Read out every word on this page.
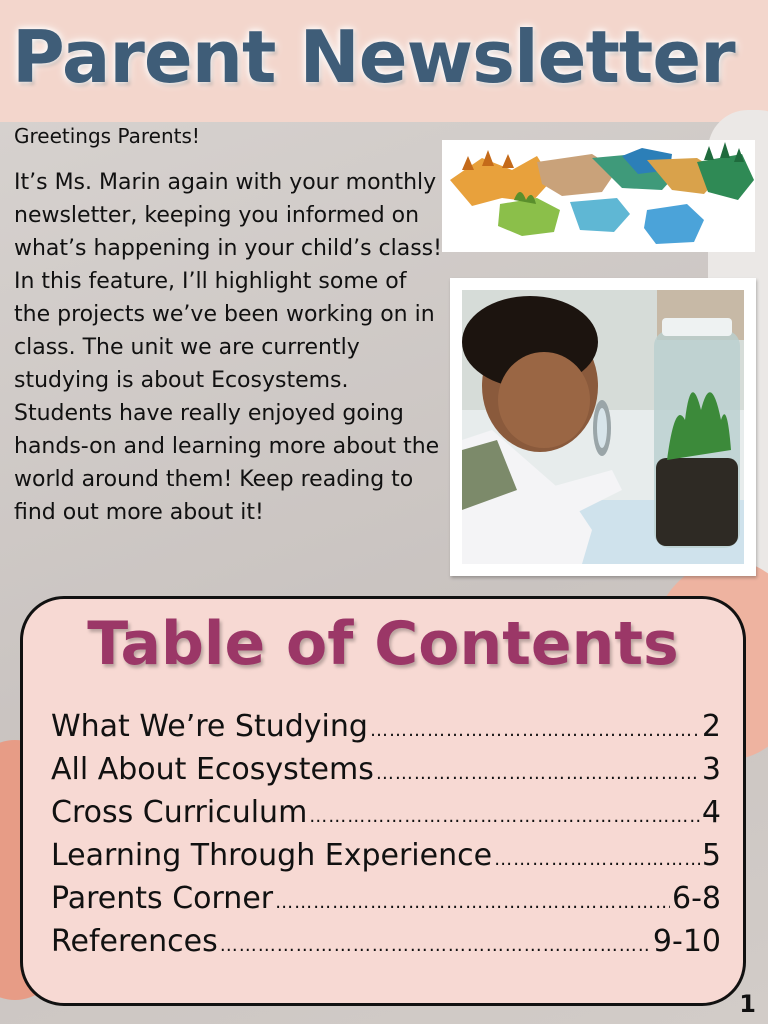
Parent Newsletter
Greetings Parents!

It’s Ms. Marin again with your monthly newsletter, keeping you informed on what’s happening in your child’s class! In this feature, I’ll highlight some of the projects we’ve been working on in class. The unit we are currently studying is about Ecosystems. Students have really enjoyed going hands-on and learning more about the world around them! Keep reading to find out more about it!

Table of Contents
What We’re Studying ……………………………………………………………………………………………………	2
All About Ecosystems ……………………………………………………………………………………………………	3
Cross Curriculum ……………………………………………………………………………………………………	4
Learning Through Experience ……………………………………………………………………………………………………	5
Parents Corner ……………………………………………………………………………………………………	6-8
References ……………………………………………………………………………………………………	9-10
1
